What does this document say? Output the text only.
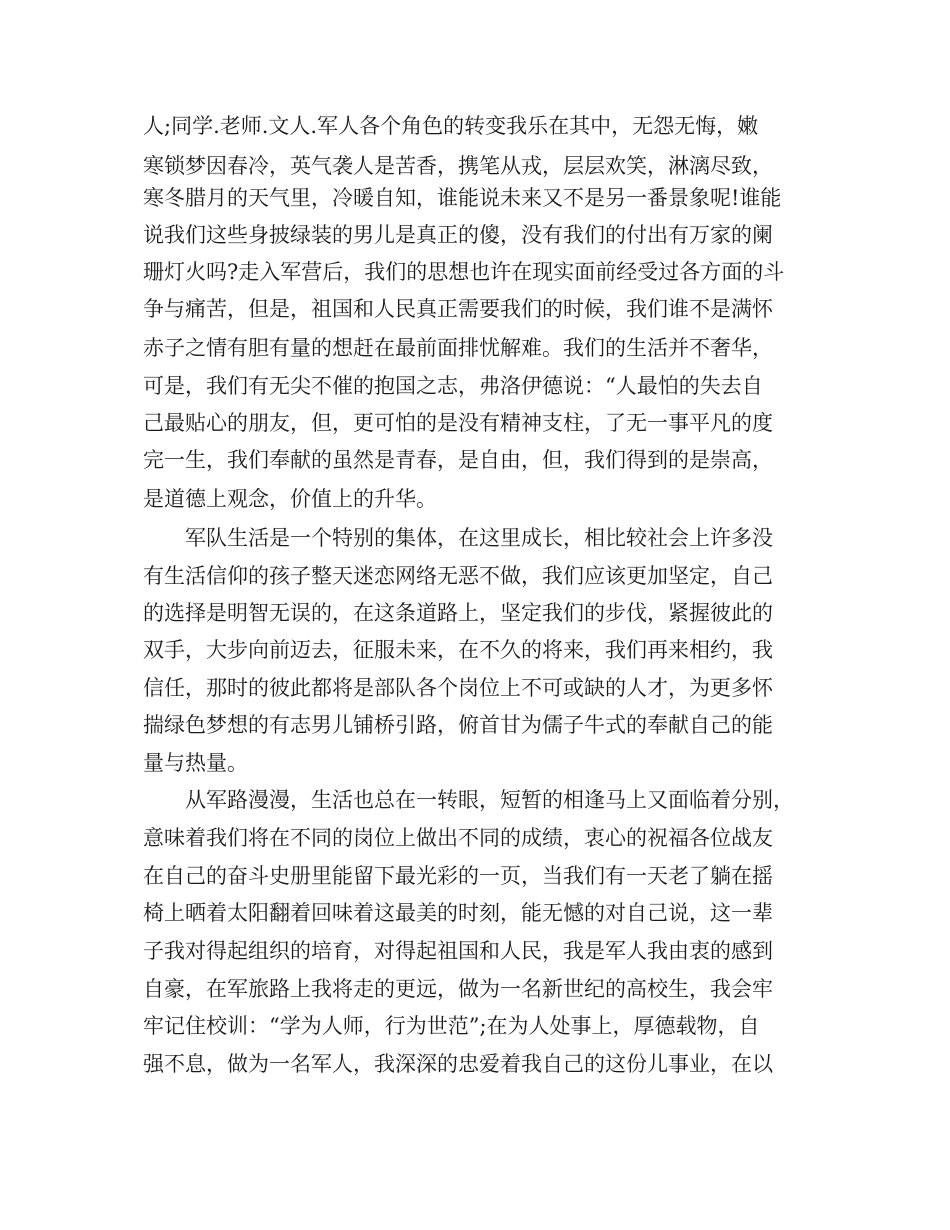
人;同学.老师.文人.军人各个角色的转变我乐在其中，无怨无悔，嫩
寒锁梦因春冷，英气袭人是苦香，携笔从戎，层层欢笑，淋漓尽致，
寒冬腊月的天气里，冷暖自知，谁能说未来又不是另一番景象呢!谁能
说我们这些身披绿装的男儿是真正的傻，没有我们的付出有万家的阑
珊灯火吗?走入军营后，我们的思想也许在现实面前经受过各方面的斗
争与痛苦，但是，祖国和人民真正需要我们的时候，我们谁不是满怀
赤子之情有胆有量的想赶在最前面排忧解难。我们的生活并不奢华，
可是，我们有无尖不催的抱国之志，弗洛伊德说：“人最怕的失去自
己最贴心的朋友，但，更可怕的是没有精神支柱，了无一事平凡的度
完一生，我们奉献的虽然是青春，是自由，但，我们得到的是崇高，
是道德上观念，价值上的升华。
军队生活是一个特别的集体，在这里成长，相比较社会上许多没
有生活信仰的孩子整天迷恋网络无恶不做，我们应该更加坚定，自己
的选择是明智无误的，在这条道路上，坚定我们的步伐，紧握彼此的
双手，大步向前迈去，征服未来，在不久的将来，我们再来相约，我
信任，那时的彼此都将是部队各个岗位上不可或缺的人才，为更多怀
揣绿色梦想的有志男儿铺桥引路，俯首甘为儒子牛式的奉献自己的能
量与热量。
从军路漫漫，生活也总在一转眼，短暂的相逢马上又面临着分别，
意味着我们将在不同的岗位上做出不同的成绩，衷心的祝福各位战友
在自己的奋斗史册里能留下最光彩的一页，当我们有一天老了躺在摇
椅上晒着太阳翻着回味着这最美的时刻，能无憾的对自己说，这一辈
子我对得起组织的培育，对得起祖国和人民，我是军人我由衷的感到
自豪，在军旅路上我将走的更远，做为一名新世纪的高校生，我会牢
牢记住校训：“学为人师，行为世范”;在为人处事上，厚德载物，自
强不息，做为一名军人，我深深的忠爱着我自己的这份儿事业，在以
